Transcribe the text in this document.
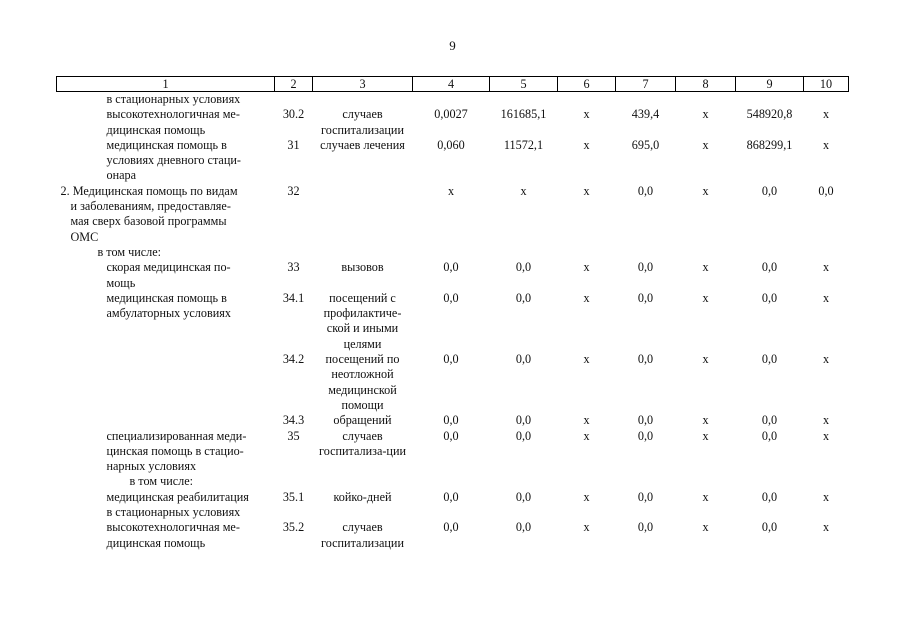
9
1	2	3	4	5	6	7	8	9	10

в стационарных условиях									

высокотехнологичная ме-
дицинская помощь	30.2	случаев госпитализации	0,0027	161685,1	х	439,4	х	548920,8	х

медицинская помощь в
условиях дневного стаци-
онара	31	случаев лечения	0,060	11572,1	х	695,0	х	868299,1	х

2. Медицинская помощь по видам
и заболеваниям, предоставляе-
мая сверх базовой программы
ОМС	32		х	х	х	0,0	х	0,0	0,0

в том числе:									

скорая медицинская по-
мощь	33	вызовов	0,0	0,0	х	0,0	х	0,0	х

медицинская помощь в
амбулаторных условиях	34.1	посещений с профилактиче-ской и иными целями	0,0	0,0	х	0,0	х	0,0	х
	34.2	посещений по неотложной медицинской помощи	0,0	0,0	х	0,0	х	0,0	х
	34.3	обращений	0,0	0,0	х	0,0	х	0,0	х

специализированная меди-
цинская помощь в стацио-
нарных условиях	35	случаев госпитализа-ции	0,0	0,0	х	0,0	х	0,0	х

в том числе:									

медицинская реабилитация
в стационарных условиях	35.1	койко-дней	0,0	0,0	х	0,0	х	0,0	х

высокотехнологичная ме-
дицинская помощь	35.2	случаев госпитализации	0,0	0,0	х	0,0	х	0,0	х
